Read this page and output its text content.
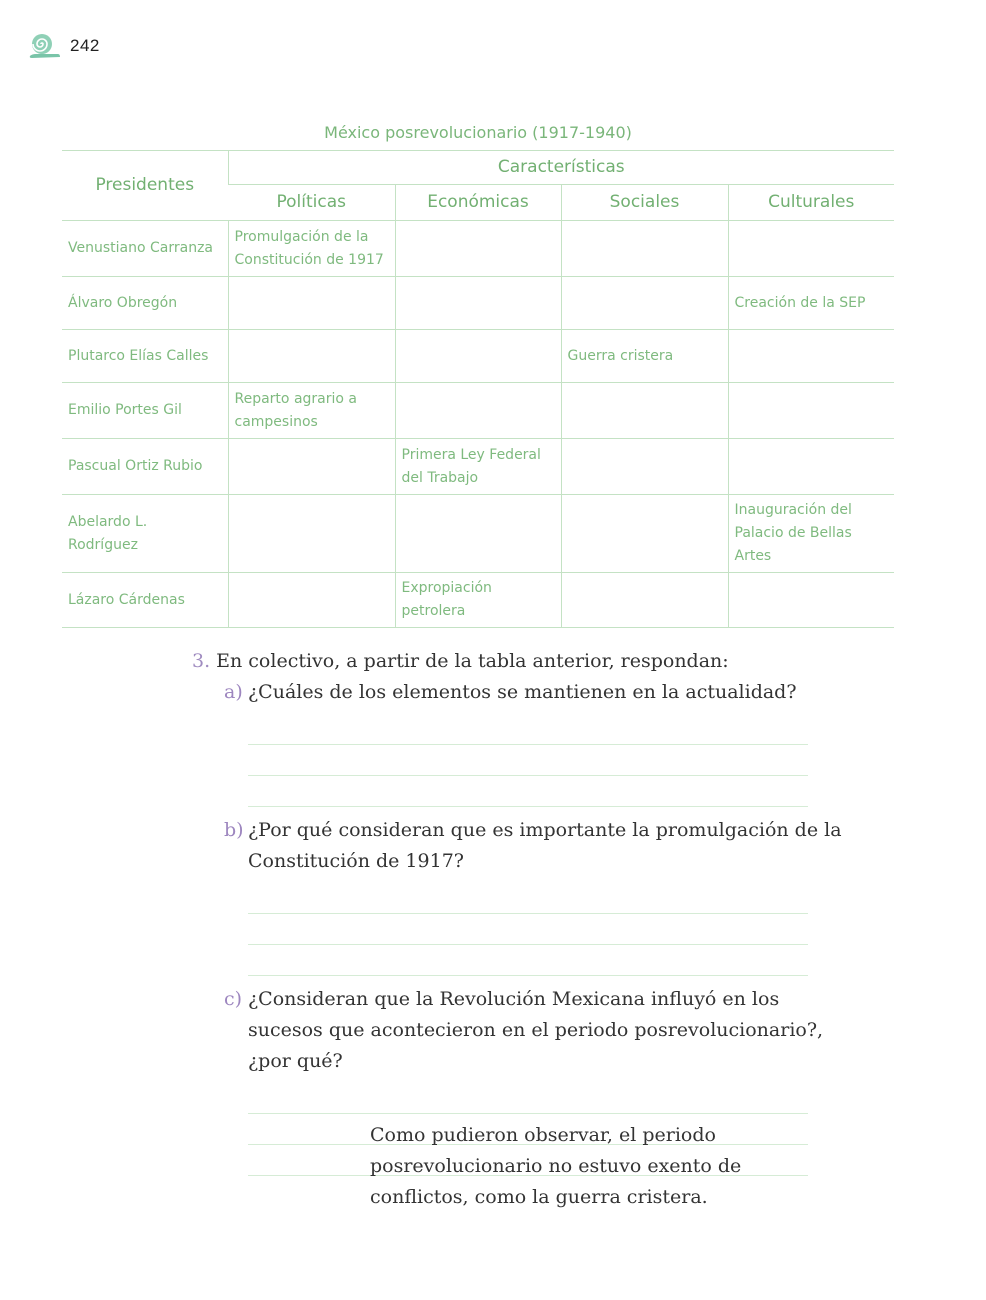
242
México posrevolucionario (1917-1940)
Presidentes	Características			
	Políticas	Económicas	Sociales	Culturales
Venustiano Carranza	Promulgación de la Constitución de 1917			
Álvaro Obregón				Creación de la SEP
Plutarco Elías Calles			Guerra cristera	
Emilio Portes Gil	Reparto agrario a campesinos			
Pascual Ortiz Rubio		Primera Ley Federal del Trabajo		
Abelardo L. Rodríguez				Inauguración del Palacio de Bellas Artes
Lázaro Cárdenas		Expropiación petrolera		
3. En colectivo, a partir de la tabla anterior, respondan:
a) ¿Cuáles de los elementos se mantienen en la actualidad?
b) ¿Por qué consideran que es importante la promulgación de la Constitución de 1917?
c) ¿Consideran que la Revolución Mexicana influyó en los sucesos que acontecieron en el periodo posrevolucionario?, ¿por qué?
Como pudieron observar, el periodo posrevolucionario no estuvo exento de conflictos, como la guerra cristera.
